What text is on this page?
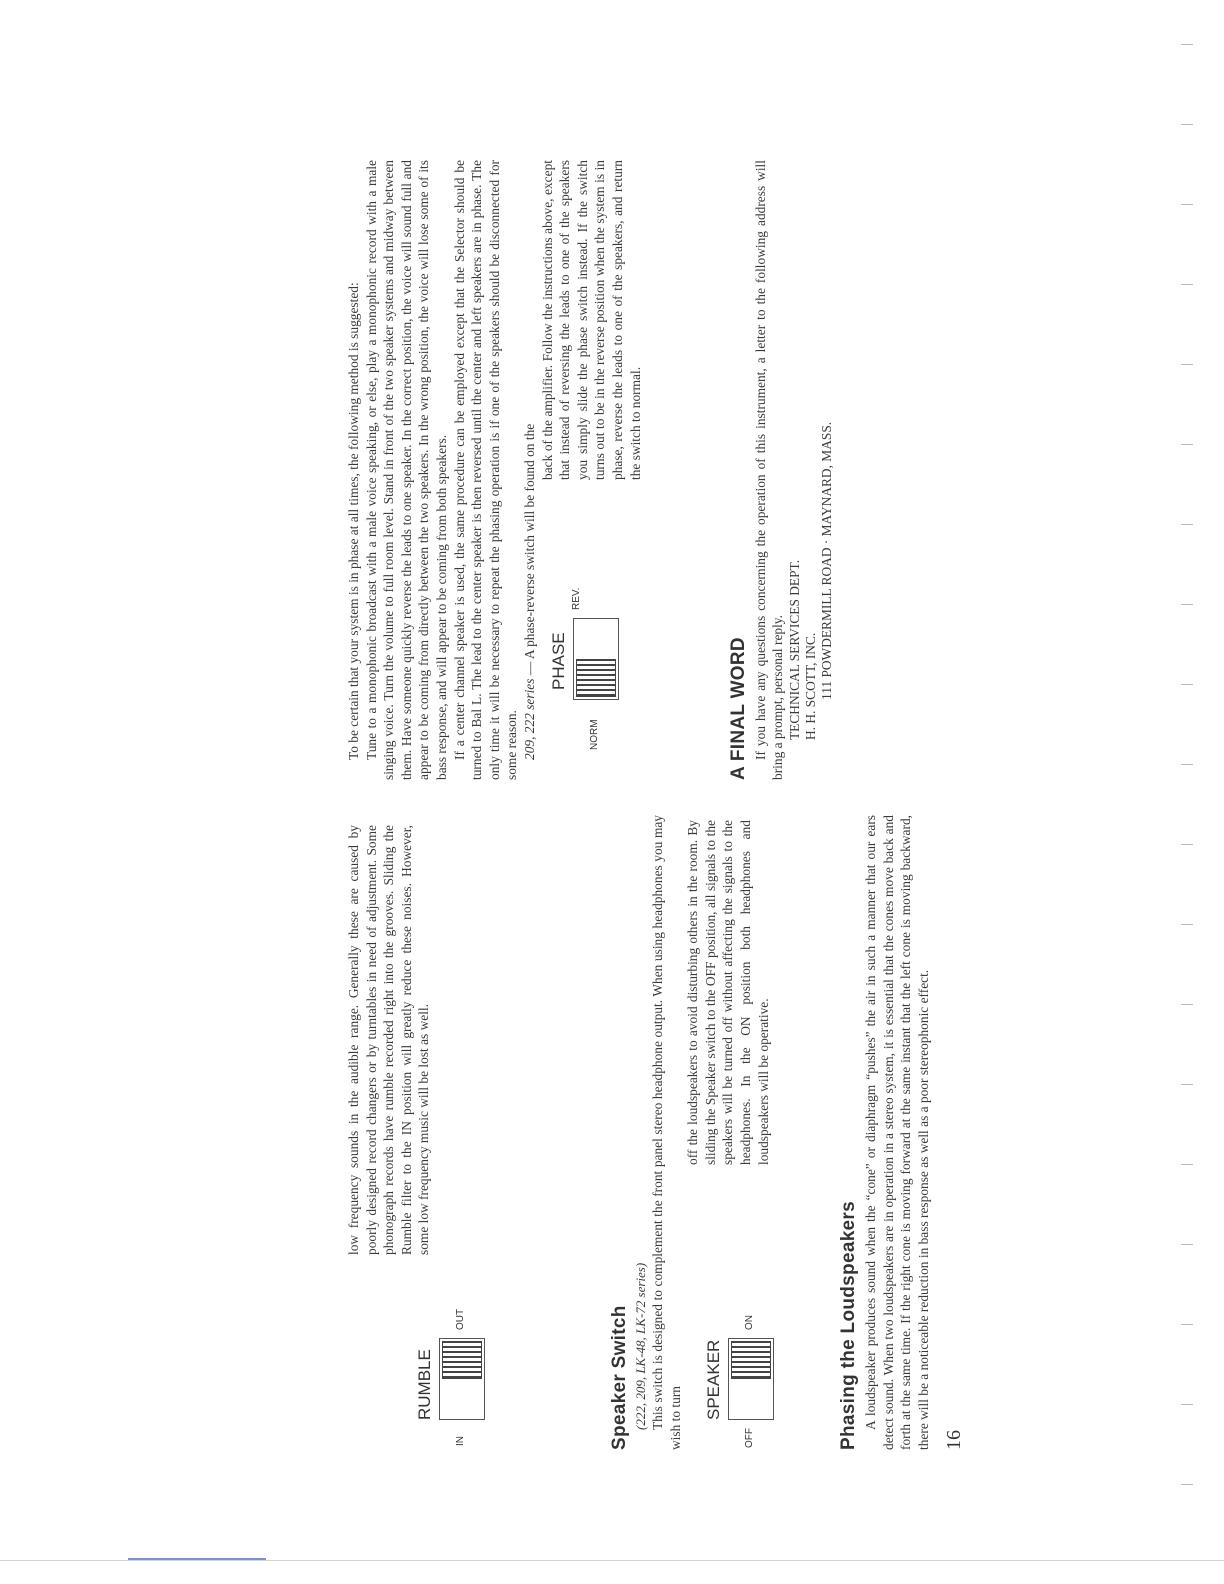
RUMBLE
IN
OUT

low frequency sounds in the audible range. Generally these are caused by poorly designed record changers or by turntables in need of adjustment. Some phonograph records have rumble recorded right into the grooves. Sliding the Rumble filter to the IN position will greatly reduce these noises. However, some low frequency music will be lost as well.

Speaker Switch (222, 209, LK-48, LK-72 series) This switch is designed to complement the front panel stereo headphone output. When using headphones you may wish to turn SPEAKER
OFF
ON

off the loudspeakers to avoid disturbing others in the room. By sliding the Speaker switch to the OFF position, all signals to the speakers will be turned off without affecting the signals to the headphones. In the ON position both headphones and loudspeakers will be operative.

Phasing the Loudspeakers A loudspeaker produces sound when the “cone” or diaphragm “pushes” the air in such a manner that our ears detect sound. When two loudspeakers are in operation in a stereo system, it is essential that the cones move back and forth at the same time. If the right cone is moving forward at the same instant that the left cone is moving backward, there will be a noticeable reduction in bass response as well as a poor stereophonic effect.

To be certain that your system is in phase at all times, the following method is suggested: Tune to a monophonic broadcast with a male voice speaking, or else, play a monophonic record with a male singing voice. Turn the volume to full room level. Stand in front of the two speaker systems and midway between them. Have someone quickly reverse the leads to one speaker. In the correct position, the voice will sound full and appear to be coming from directly between the two speakers. In the wrong position, the voice will lose some of its bass response, and will appear to be coming from both speakers. If a center channel speaker is used, the same procedure can be employed except that the Selector should be turned to Bal L. The lead to the center speaker is then reversed until the center and left speakers are in phase. The only time it will be necessary to repeat the phasing operation is if one of the speakers should be disconnected for some reason. 209, 222 series — A phase-reverse switch will be found on the PHASE
NORM
REV.

back of the amplifier. Follow the instructions above, except that instead of reversing the leads to one of the speakers you simply slide the phase switch instead. If the switch turns out to be in the reverse position when the system is in phase, reverse the leads to one of the speakers, and return the switch to normal.

A FINAL WORD If you have any questions concerning the operation of this instrument, a letter to the following address will bring a prompt, personal reply. TECHNICAL SERVICES DEPT. H. H. SCOTT, INC. 111 POWDERMILL ROAD · MAYNARD, MASS.

16
